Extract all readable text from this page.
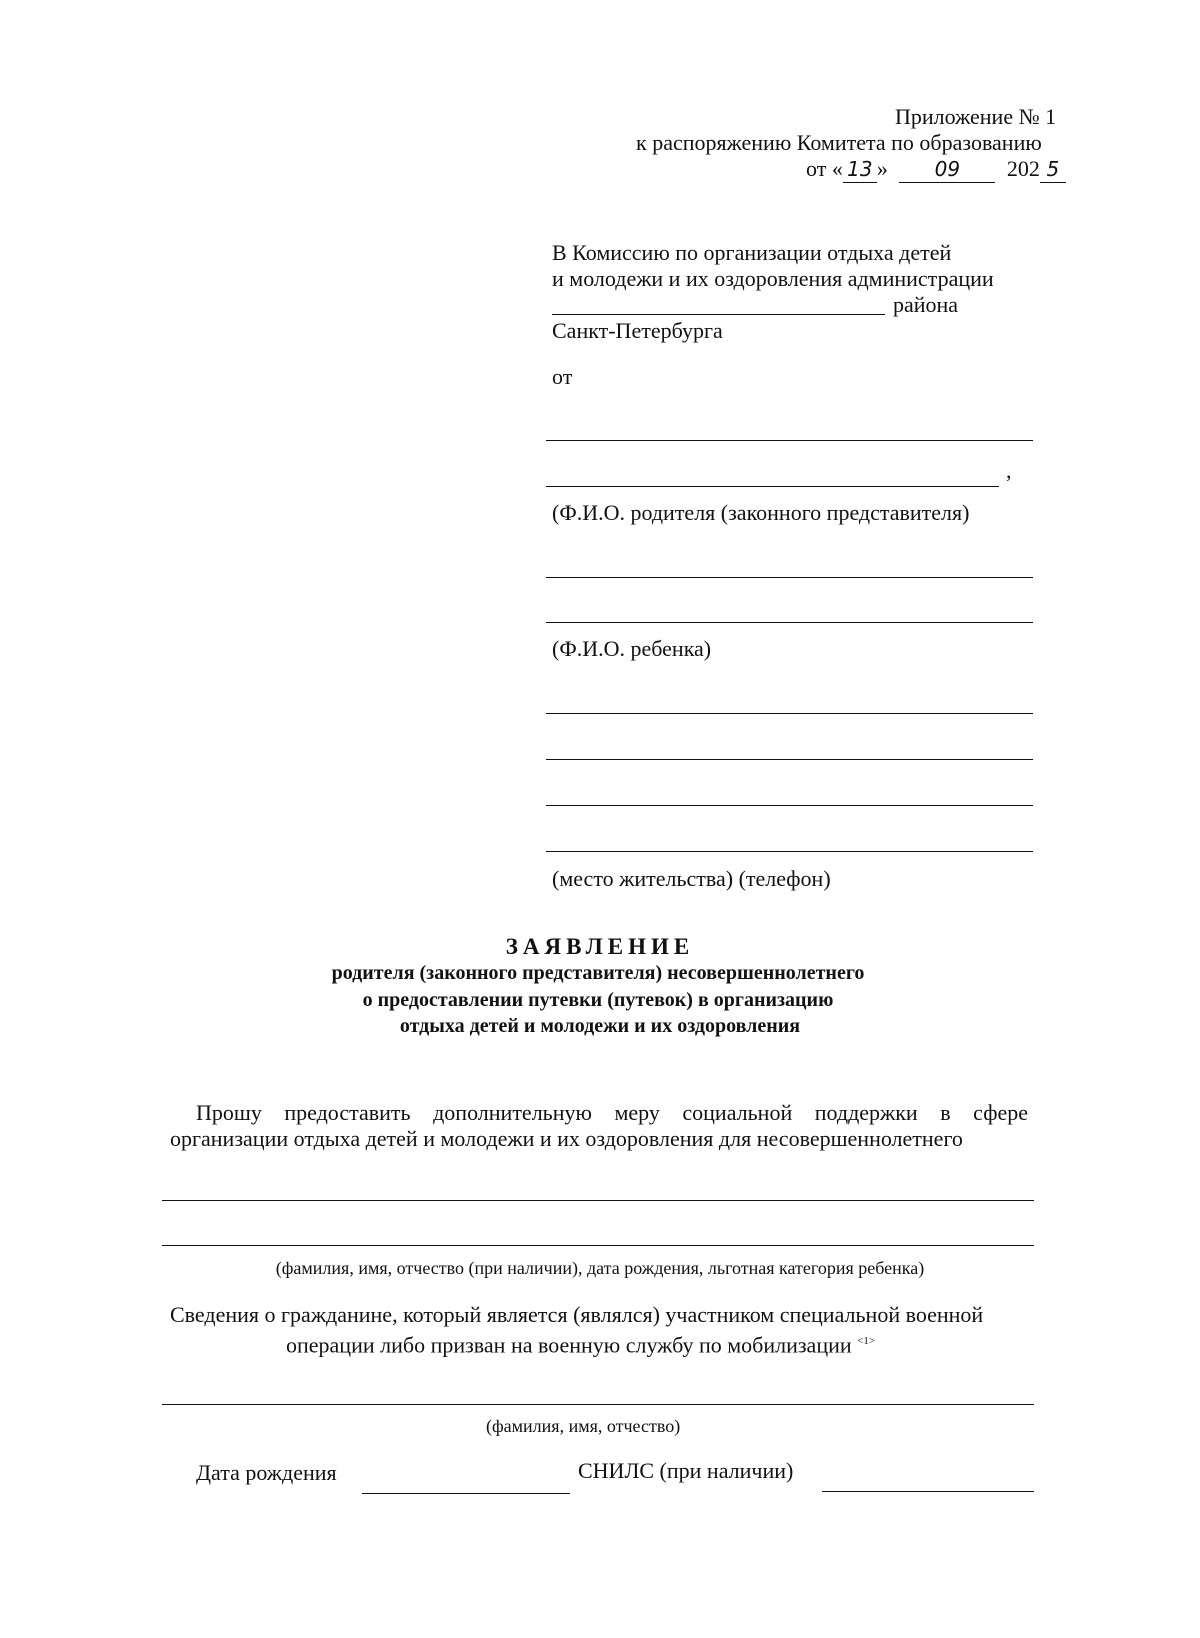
Приложение № 1
к распоряжению Комитета по образованию
от « 13 » 09 202 5
В Комиссию по организации отдыха детей
и молодежи и их оздоровления администрации
района
Санкт-Петербурга
от
,
(Ф.И.О. родителя (законного представителя)
(Ф.И.О. ребенка)
(место жительства) (телефон)
ЗАЯВЛЕНИЕ
родителя (законного представителя) несовершеннолетнего
о предоставлении путевки (путевок) в организацию
отдыха детей и молодежи и их оздоровления
Прошу предоставить дополнительную меру социальной поддержки в сфере
организации отдыха детей и молодежи и их оздоровления для несовершеннолетнего
(фамилия, имя, отчество (при наличии), дата рождения, льготная категория ребенка)
Сведения о гражданине, который является (являлся) участником специальной военной
операции либо призван на военную службу по мобилизации $^{<1>}$
(фамилия, имя, отчество)
Дата рождения	СНИЛС (при наличии)
